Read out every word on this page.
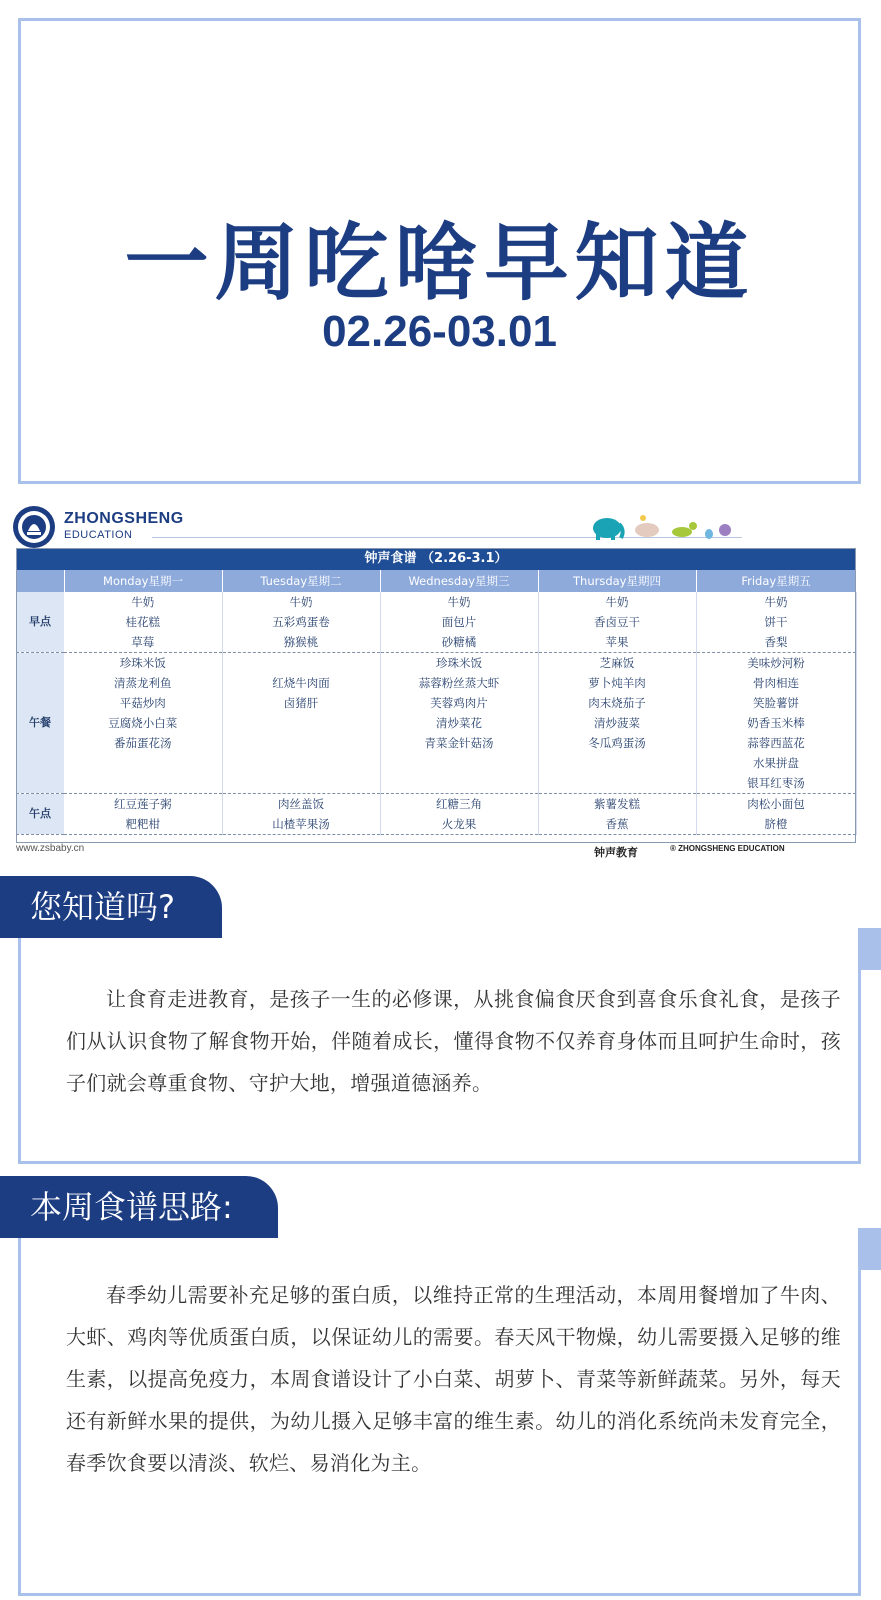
一周吃啥早知道
02.26-03.01
ZHONGSHENG
EDUCATION
钟声食谱 （2.26-3.1）					
	Monday星期一	Tuesday星期二	Wednesday星期三	Thursday星期四	Friday星期五
早点	牛奶	牛奶	牛奶	牛奶	牛奶
	桂花糕	五彩鸡蛋卷	面包片	香卤豆干	饼干
	草莓	猕猴桃	砂糖橘	苹果	香梨
午餐	珍珠米饭		珍珠米饭	芝麻饭	美味炒河粉
	清蒸龙利鱼	红烧牛肉面	蒜蓉粉丝蒸大虾	萝卜炖羊肉	骨肉相连
	平菇炒肉	卤猪肝	芙蓉鸡肉片	肉末烧茄子	笑脸薯饼
	豆腐烧小白菜		清炒菜花	清炒菠菜	奶香玉米棒
	番茄蛋花汤		青菜金针菇汤	冬瓜鸡蛋汤	蒜蓉西蓝花
					水果拼盘
					银耳红枣汤
午点	红豆莲子粥	肉丝盖饭	红糖三角	紫薯发糕	肉松小面包
	粑粑柑	山楂苹果汤	火龙果	香蕉	脐橙
www.zsbaby.cn	钟声教育	® ZHONGSHENG EDUCATION
您知道吗?
让食育走进教育，是孩子一生的必修课，从挑食偏食厌食到喜食乐食礼食，是孩子们从认识食物了解食物开始，伴随着成长，懂得食物不仅养育身体而且呵护生命时，孩子们就会尊重食物、守护大地，增强道德涵养。
本周食谱思路:
春季幼儿需要补充足够的蛋白质，以维持正常的生理活动，本周用餐增加了牛肉、大虾、鸡肉等优质蛋白质，以保证幼儿的需要。春天风干物燥，幼儿需要摄入足够的维生素，以提高免疫力，本周食谱设计了小白菜、胡萝卜、青菜等新鲜蔬菜。另外，每天还有新鲜水果的提供，为幼儿摄入足够丰富的维生素。幼儿的消化系统尚未发育完全，春季饮食要以清淡、软烂、易消化为主。
